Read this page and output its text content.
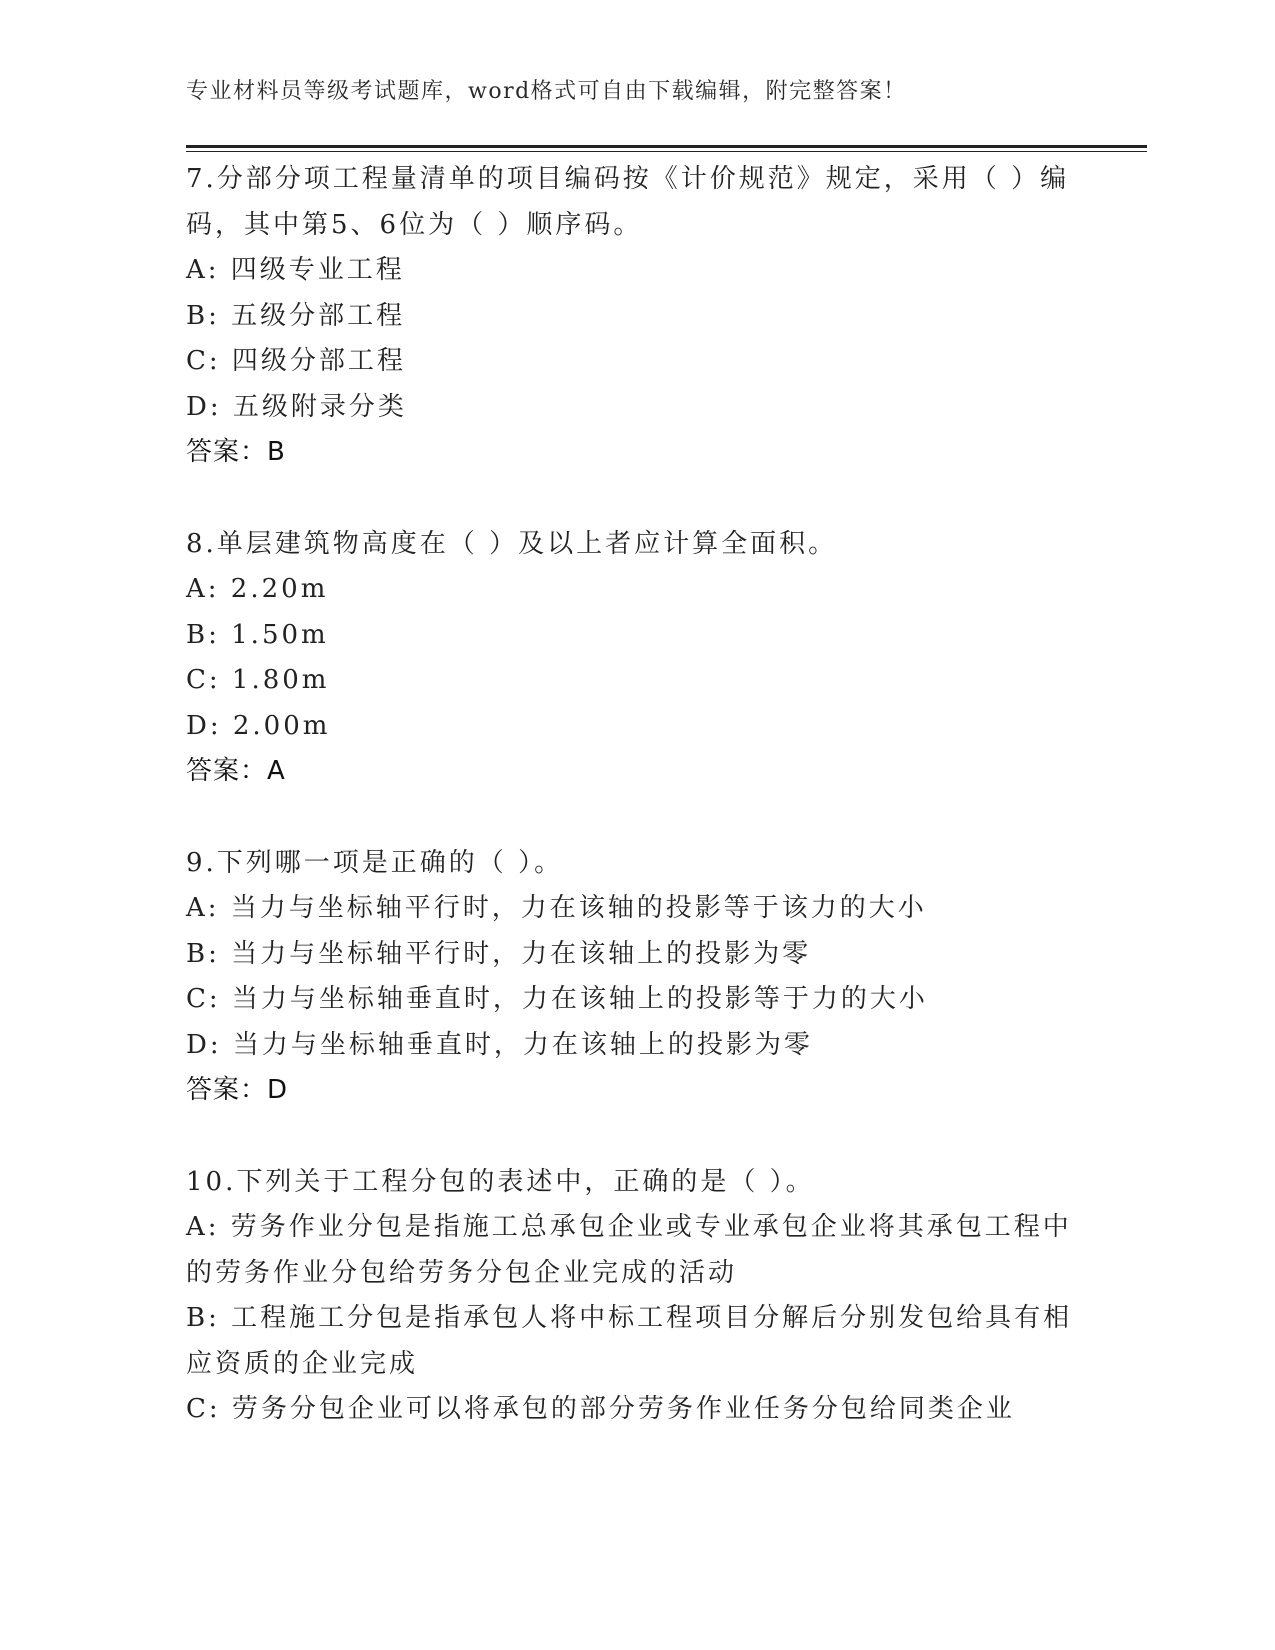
专业材料员等级考试题库，word格式可自由下载编辑，附完整答案！
7.分部分项工程量清单的项目编码按《计价规范》规定，采用（ ）编
码，其中第5、6位为（ ）顺序码。
A: 四级专业工程
B: 五级分部工程
C: 四级分部工程
D: 五级附录分类
答案：B
8.单层建筑物高度在（ ）及以上者应计算全面积。
A: 2.20m
B: 1.50m
C: 1.80m
D: 2.00m
答案：A
9.下列哪一项是正确的（ ）。
A: 当力与坐标轴平行时，力在该轴的投影等于该力的大小
B: 当力与坐标轴平行时，力在该轴上的投影为零
C: 当力与坐标轴垂直时，力在该轴上的投影等于力的大小
D: 当力与坐标轴垂直时，力在该轴上的投影为零
答案：D
10.下列关于工程分包的表述中，正确的是（ ）。
A: 劳务作业分包是指施工总承包企业或专业承包企业将其承包工程中
的劳务作业分包给劳务分包企业完成的活动
B: 工程施工分包是指承包人将中标工程项目分解后分别发包给具有相
应资质的企业完成
C: 劳务分包企业可以将承包的部分劳务作业任务分包给同类企业
